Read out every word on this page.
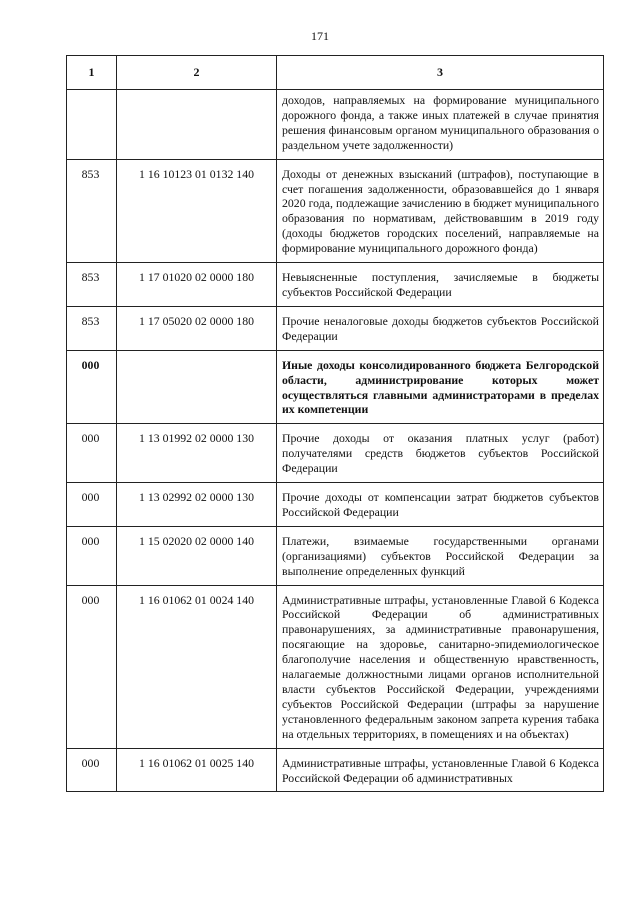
171
1	2	3
		доходов, направляемых на формирование муниципального дорожного фонда, а также иных платежей в случае принятия решения финансовым органом муниципального образования о раздельном учете задолженности)
853	1 16 10123 01 0132 140	Доходы от денежных взысканий (штрафов), поступающие в счет погашения задолженности, образовавшейся до 1 января 2020 года, подлежащие зачислению в бюджет муниципального образования по нормативам, действовавшим в 2019 году (доходы бюджетов городских поселений, направляемые на формирование муниципального дорожного фонда)
853	1 17 01020 02 0000 180	Невыясненные поступления, зачисляемые в бюджеты субъектов Российской Федерации
853	1 17 05020 02 0000 180	Прочие неналоговые доходы бюджетов субъектов Российской Федерации
000		Иные доходы консолидированного бюджета Белгородской области, администрирование которых может осуществляться главными администраторами в пределах их компетенции
000	1 13 01992 02 0000 130	Прочие доходы от оказания платных услуг (работ) получателями средств бюджетов субъектов Российской Федерации
000	1 13 02992 02 0000 130	Прочие доходы от компенсации затрат бюджетов субъектов Российской Федерации
000	1 15 02020 02 0000 140	Платежи, взимаемые государственными органами (организациями) субъектов Российской Федерации за выполнение определенных функций
000	1 16 01062 01 0024 140	Административные штрафы, установленные Главой 6 Кодекса Российской Федерации об административных правонарушениях, за административные правонарушения, посягающие на здоровье, санитарно-эпидемиологическое благополучие населения и общественную нравственность, налагаемые должностными лицами органов исполнительной власти субъектов Российской Федерации, учреждениями субъектов Российской Федерации (штрафы за нарушение установленного федеральным законом запрета курения табака на отдельных территориях, в помещениях и на объектах)
000	1 16 01062 01 0025 140	Административные штрафы, установленные Главой 6 Кодекса Российской Федерации об административных
